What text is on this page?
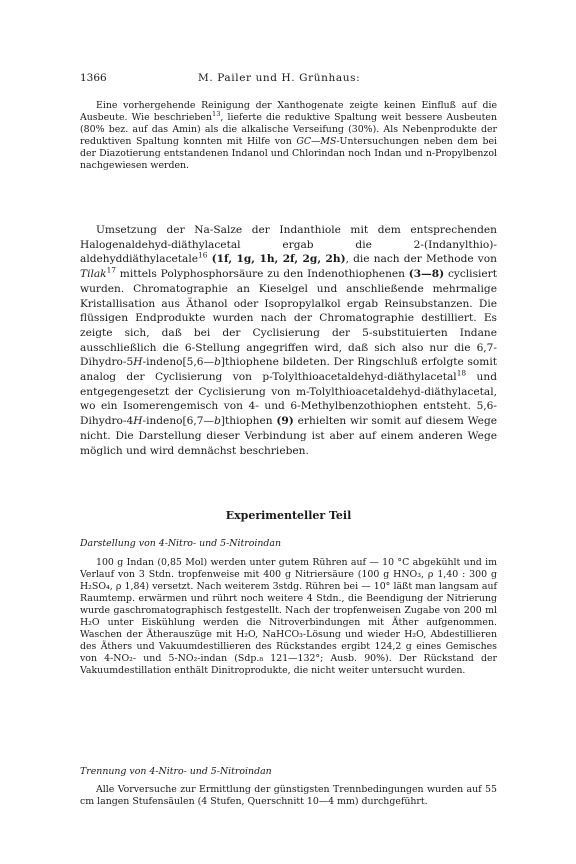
1366	M. Pailer und H. Grünhaus:

Eine vorhergehende Reinigung der Xanthogenate zeigte keinen Einfluß auf die Ausbeute. Wie beschrieben$^{13}$, lieferte die reduktive Spaltung weit bessere Ausbeuten (80% bez. auf das Amin) als die alkalische Verseifung (30%). Als Nebenprodukte der reduktiven Spaltung konnten mit Hilfe von GC—MS-Untersuchungen neben dem bei der Diazotierung entstandenen Indanol und Chlorindan noch Indan und n-Propylbenzol nachgewiesen werden.

Umsetzung der Na-Salze der Indanthiole mit dem entsprechenden Halogenaldehyd-diäthylacetal ergab die 2-(Indanylthio)-aldehyddiäthylacetale$^{16}$ (1f, 1g, 1h, 2f, 2g, 2h), die nach der Methode von Tilak$^{17}$ mittels Polyphosphorsäure zu den Indenothiophenen (3—8) cyclisiert wurden. Chromatographie an Kieselgel und anschließende mehrmalige Kristallisation aus Äthanol oder Isopropylalkol ergab Reinsubstanzen. Die flüssigen Endprodukte wurden nach der Chromatographie destilliert. Es zeigte sich, daß bei der Cyclisierung der 5-substituierten Indane ausschließlich die 6-Stellung angegriffen wird, daß sich also nur die 6,7-Dihydro-5H-indeno[5,6—b]thiophene bildeten. Der Ringschluß erfolgte somit analog der Cyclisierung von p-Tolylthioacetaldehyd-diäthylacetal$^{18}$ und entgegengesetzt der Cyclisierung von m-Tolylthioacetaldehyd-diäthylacetal, wo ein Isomerengemisch von 4- und 6-Methylbenzothiophen entsteht. 5,6-Dihydro-4H-indeno[6,7—b]thiophen (9) erhielten wir somit auf diesem Wege nicht. Die Darstellung dieser Verbindung ist aber auf einem anderen Wege möglich und wird demnächst beschrieben.

Experimenteller Teil

Darstellung von 4-Nitro- und 5-Nitroindan

100 g Indan (0,85 Mol) werden unter gutem Rühren auf — 10 °C abgekühlt und im Verlauf von 3 Stdn. tropfenweise mit 400 g Nitriersäure (100 g HNO₃, ρ 1,40 : 300 g H₂SO₄, ρ 1,84) versetzt. Nach weiterem 3stdg. Rühren bei — 10° läßt man langsam auf Raumtemp. erwärmen und rührt noch weitere 4 Stdn., die Beendigung der Nitrierung wurde gaschromatographisch festgestellt. Nach der tropfenweisen Zugabe von 200 ml H₂O unter Eiskühlung werden die Nitroverbindungen mit Äther aufgenommen. Waschen der Ätherauszüge mit H₂O, NaHCO₃-Lösung und wieder H₂O, Abdestillieren des Äthers und Vakuumdestillieren des Rückstandes ergibt 124,2 g eines Gemisches von 4-NO₂- und 5-NO₂-indan (Sdp.₈ 121—132°; Ausb. 90%). Der Rückstand der Vakuumdestillation enthält Dinitroprodukte, die nicht weiter untersucht wurden.

Trennung von 4-Nitro- und 5-Nitroindan

Alle Vorversuche zur Ermittlung der günstigsten Trennbedingungen wurden auf 55 cm langen Stufensäulen (4 Stufen, Querschnitt 10—4 mm) durchgeführt.
